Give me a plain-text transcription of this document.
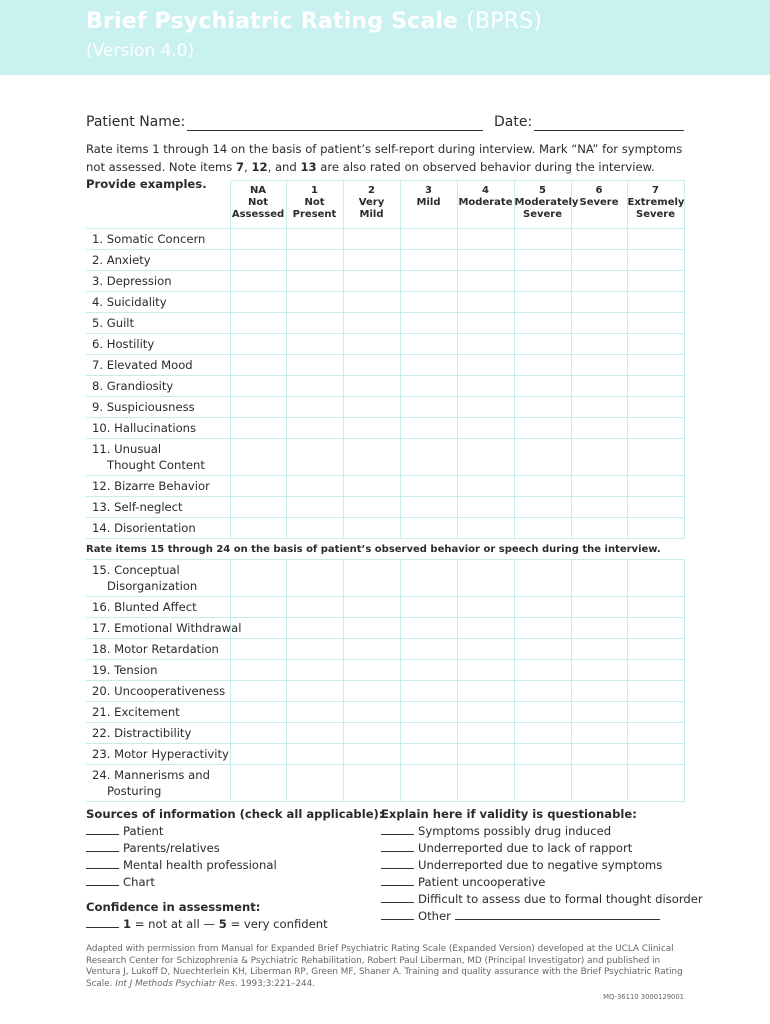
Brief Psychiatric Rating Scale (BPRS)
(Version 4.0)
Patient Name:	Date:
Rate items 1 through 14 on the basis of patient’s self-report during interview. Mark “NA” for symptoms
not assessed. Note items 7, 12, and 13 are also rated on observed behavior during the interview.
Provide examples.

	NA
Not
Assessed	1
Not
Present	2
Very
Mild	3
Mild	4
Moderate	5
Moderately
Severe	6
Severe	7
Extremely
Severe

1. Somatic Concern								
2. Anxiety								
3. Depression								
4. Suicidality								
5. Guilt								
6. Hostility								
7. Elevated Mood								
8. Grandiosity								
9. Suspiciousness								
10. Hallucinations								
11. Unusual
Thought Content								

12. Bizarre Behavior								
13. Self-neglect								
14. Disorientation								
Rate items 15 through 24 on the basis of patient’s observed behavior or speech during the interview.								
15. Conceptual
Disorganization								

16. Blunted Affect								
17. Emotional Withdrawal								
18. Motor Retardation								
19. Tension								
20. Uncooperativeness								
21. Excitement								
22. Distractibility								
23. Motor Hyperactivity								
24. Mannerisms and
Posturing								

Sources of information (check all applicable):
Patient
Parents/relatives
Mental health professional
Chart
Confidence in assessment:
1 = not at all — 5 = very confident
Explain here if validity is questionable:
Symptoms possibly drug induced
Underreported due to lack of rapport
Underreported due to negative symptoms
Patient uncooperative
Difficult to assess due to formal thought disorder
Other
Adapted with permission from Manual for Expanded Brief Psychiatric Rating Scale (Expanded Version) developed at the UCLA Clinical Research Center for Schizophrenia & Psychiatric Rehabilitation, Robert Paul Liberman, MD (Principal Investigator) and published in Ventura J, Lukoff D, Nuechterlein KH, Liberman RP, Green MF, Shaner A. Training and quality assurance with the Brief Psychiatric Rating Scale. Int J Methods Psychiatr Res. 1993;3:221–244.
MQ-36110 3000129001
